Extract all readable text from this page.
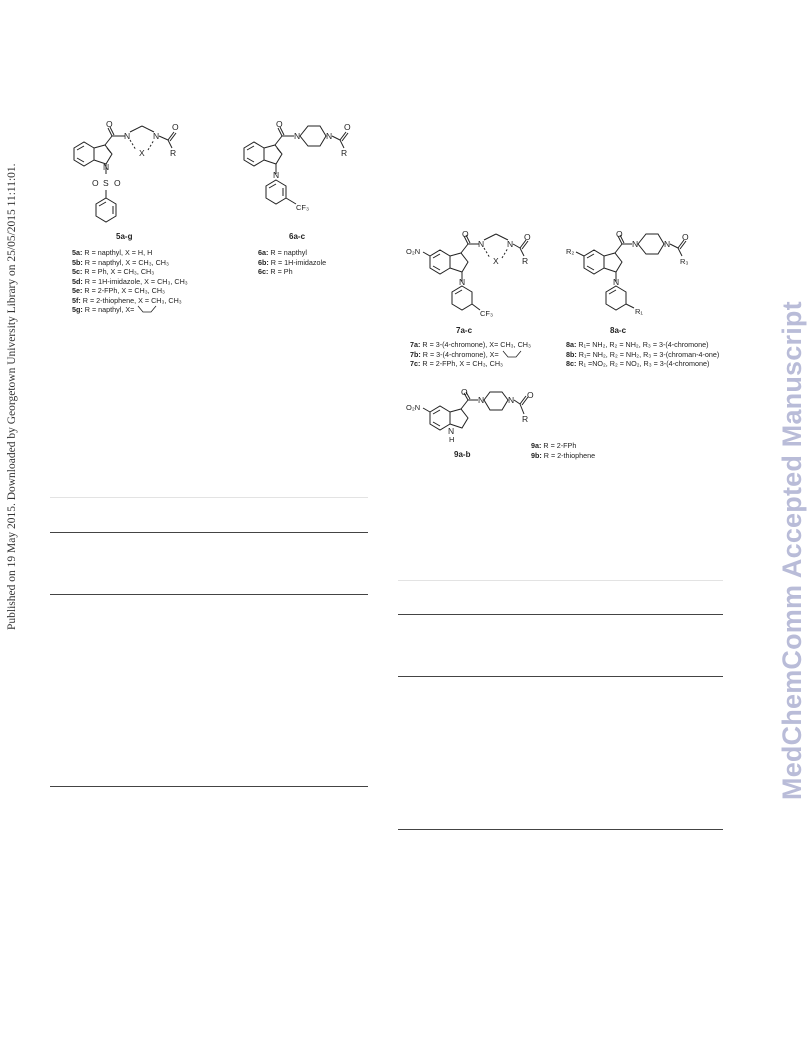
Published on 19 May 2015. Downloaded by Georgetown University Library on 25/05/2015 11:11:01.	MedChemComm Accepted Manuscript
O
N	N
X
O
R
N
S
O O
5a-g
5a: R = napthyl, X = H, H
5b: R = napthyl, X = CH₃, CH₃
5c: R = Ph, X = CH₃, CH₃
5d: R = 1H-imidazole, X = CH₃, CH₃
5e: R = 2-FPh, X = CH₃, CH₃
5f: R = 2-thiophene, X = CH₃, CH₃
5g: R = napthyl, X=
O
N	N
O
R
N
CF₃
6a-c
6a: R = napthyl
6b: R = 1H-imidazole
6c: R = Ph
O₂N
O
N	N
X
O
R
N
CF₃
7a-c
7a: R = 3-(4-chromone), X= CH₃, CH₃
7b: R = 3-(4-chromone), X=
7c: R = 2-FPh, X = CH₃, CH₃
R₂
O
N	N
O
R₃
N
R₁
8a-c
8a: R₁= NH₂, R₂ = NH₂, R₃ = 3-(4-chromone)
8b: R₁= NH₂, R₂ = NH₂, R₃ = 3-(chroman-4-one)
8c: R₁ =NO₂, R₂ = NO₂, R₃ = 3-(4-chromone)
O₂N
O
N	N O
R
N
H
9a-b
9a: R = 2-FPh
9b: R = 2-thiophene
